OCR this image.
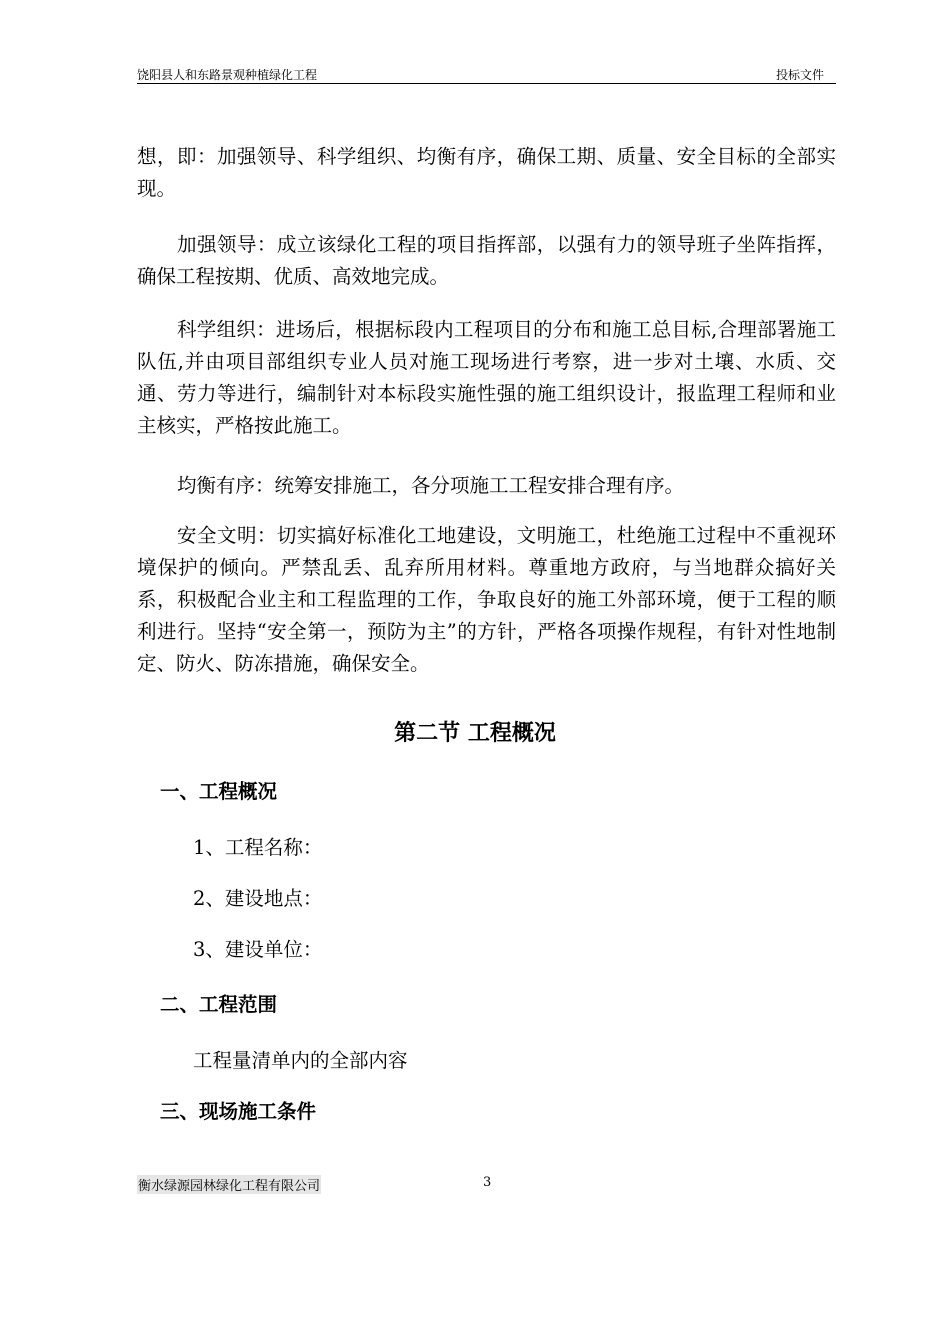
饶阳县人和东路景观种植绿化工程	投标文件

想，即：加强领导、科学组织、均衡有序，确保工期、质量、安全目标的全部实现。

加强领导：成立该绿化工程的项目指挥部，以强有力的领导班子坐阵指挥，确保工程按期、优质、高效地完成。

科学组织：进场后，根据标段内工程项目的分布和施工总目标,合理部署施工队伍,并由项目部组织专业人员对施工现场进行考察，进一步对土壤、水质、交通、劳力等进行，编制针对本标段实施性强的施工组织设计，报监理工程师和业主核实，严格按此施工。

均衡有序：统筹安排施工，各分项施工工程安排合理有序。

安全文明：切实搞好标准化工地建设，文明施工，杜绝施工过程中不重视环境保护的倾向。严禁乱丢、乱弃所用材料。尊重地方政府，与当地群众搞好关系，积极配合业主和工程监理的工作，争取良好的施工外部环境，便于工程的顺利进行。坚持“安全第一，预防为主”的方针，严格各项操作规程，有针对性地制定、防火、防冻措施，确保安全。

第二节 工程概况
一、工程概况
1、工程名称：
2、建设地点：
3、建设单位：
二、工程范围
工程量清单内的全部内容
三、现场施工条件
衡水绿源园林绿化工程有限公司	3
